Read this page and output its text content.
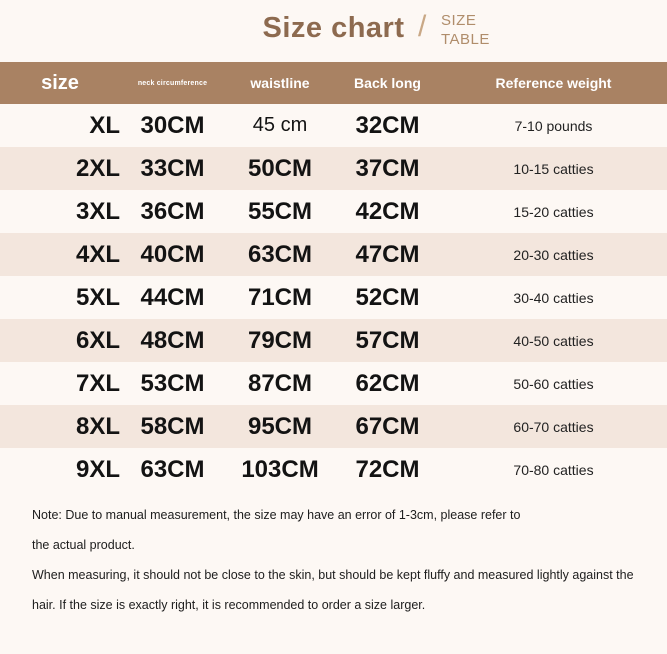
Size chart / SIZE
TABLE
size	neck circumference	waistline	Back long	Reference weight
XL	30CM	45 cm	32CM	7-10 pounds
2XL	33CM	50CM	37CM	10-15 catties
3XL	36CM	55CM	42CM	15-20 catties
4XL	40CM	63CM	47CM	20-30 catties
5XL	44CM	71CM	52CM	30-40 catties
6XL	48CM	79CM	57CM	40-50 catties
7XL	53CM	87CM	62CM	50-60 catties
8XL	58CM	95CM	67CM	60-70 catties
9XL	63CM	103CM	72CM	70-80 catties

Note: Due to manual measurement, the size may have an error of 1-3cm, please refer to

the actual product.

When measuring, it should not be close to the skin, but should be kept fluffy and measured lightly against the

hair. If the size is exactly right, it is recommended to order a size larger.
